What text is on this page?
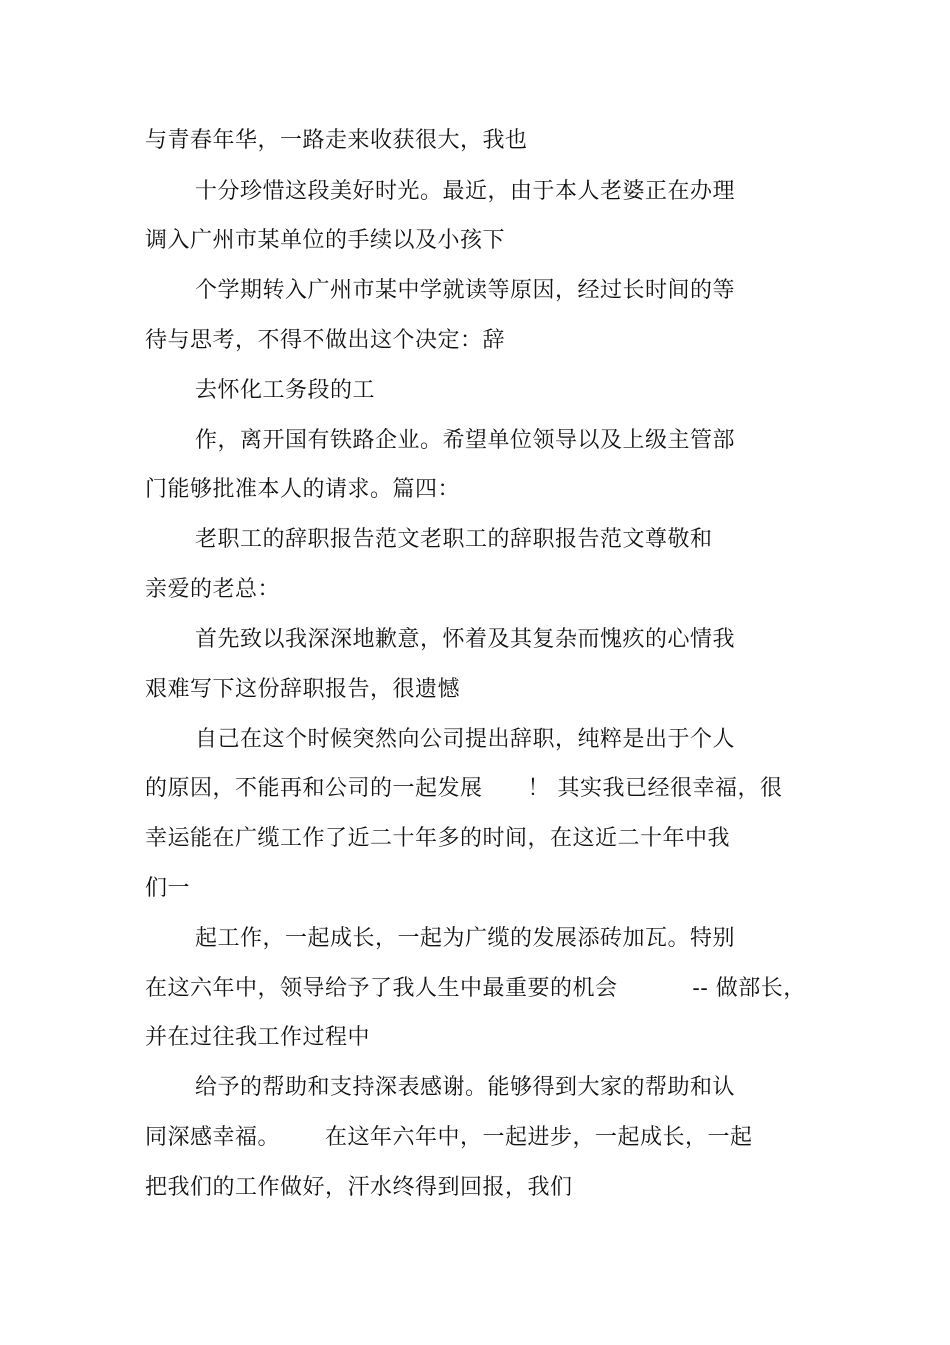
与青春年华，一路走来收获很大，我也
十分珍惜这段美好时光。最近，由于本人老婆正在办理
调入广州市某单位的手续以及小孩下
个学期转入广州市某中学就读等原因，经过长时间的等
待与思考，不得不做出这个决定：辞
去怀化工务段的工
作，离开国有铁路企业。希望单位领导以及上级主管部
门能够批准本人的请求。篇四：
老职工的辞职报告范文老职工的辞职报告范文尊敬和
亲爱的老总：
首先致以我深深地歉意，怀着及其复杂而愧疚的心情我
艰难写下这份辞职报告，很遗憾
自己在这个时候突然向公司提出辞职，纯粹是出于个人
的原因，不能再和公司的一起发展      ！ 其实我已经很幸福，很
幸运能在广缆工作了近二十年多的时间，在这近二十年中我
们一
起工作，一起成长，一起为广缆的发展添砖加瓦。特别
在这六年中，领导给予了我人生中最重要的机会          -- 做部长，
并在过往我工作过程中
给予的帮助和支持深表感谢。能够得到大家的帮助和认
同深感幸福。      在这年六年中，一起进步，一起成长，一起
把我们的工作做好，汗水终得到回报，我们
